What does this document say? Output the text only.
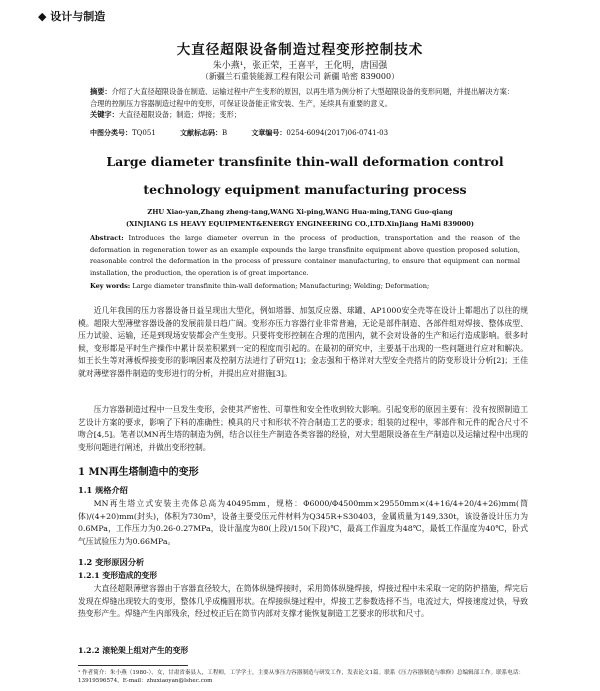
◆ 设计与制造
大直径超限设备制造过程变形控制技术
朱小燕¹，张正荣，王喜平，王化明，唐国强
（新疆兰石重装能源工程有限公司 新疆 哈密 839000）
摘要：介绍了大直径超限设备在制造、运输过程中产生变形的原因，以再生塔为例分析了大型超限设备的变形问题，并提出解决方案：合理的控制压力容器制造过程中的变形，可保证设备能正常安装、生产，延续具有重要的意义。
关键字：大直径超限设备；制造；焊接；变形；
中图分类号：TQ051	文献标志码：B	文章编号：0254-6094(2017)06-0741-03
Large diameter transfinite thin-wall deformation control technology equipment manufacturing process
ZHU Xiao-yan,Zhang zheng-tang,WANG Xi-ping,WANG Hua-ming,TANG Guo-qiang
(XINJIANG LS HEAVY EQUIPMENT&ENERGY ENGINEERING CO.,LTD.XinJiang HaMi 839000)
Abstract: Introduces the large diameter overrun in the process of production, transportation and the reason of the deformation in regeneration tower as an example expounds the large transfinite equipment above question proposed solution, reasonable control the deformation in the process of pressure container manufacturing, to ensure that equipment can normal installation, the production, the operation is of great importance.
Key words: Large diameter transfinite thin-wall deformation; Manufacturing; Welding; Deformation;
近几年我国的压力容器设备日益呈现出大型化，例如塔器、加氢反应器、球罐、AP1000安全壳等在设计上都超出了以往的规模。超限大型薄壁容器设备的发展前景日趋广阔。变形亦压力容器行业非常普遍，无论是部件制造、各部件组对焊接、整体成型、压力试验、运输，还是到现场安装都会产生变形。只要将变形控制在合理的范围内，就不会对设备的生产和运行造成影响。很多时候，变形都是平时生产操作中累计误差积累到一定的程度而引起的。在最初的研究中，主要基于出现的一些问题进行应对和解决。如王长生等对薄板焊接变形的影响因素及控制方法进行了研究[1]；金志强和于格详对大型安全壳搭片的防变形设计分析[2]；王佳就对薄壁容器件制造的变形进行的分析，并提出应对措施[3]。
压力容器制造过程中一旦发生变形，会使其严密性、可靠性和安全性收到较大影响。引起变形的原因主要有：没有按照制造工艺设计方案的要求，影响了下料的准确性；模具的尺寸和形状不符合制造工艺的要求；组装的过程中，零部件和元件的配合尺寸不吻合[4,5]。笔者以MN再生塔的制造为例，结合以往生产制造各类容器的经验，对大型超限设备在生产制造以及运输过程中出现的变形问题进行阐述，并做出变形控制。
1 MN再生塔制造中的变形
1.1 规格介绍
MN再生塔立式安装主壳体总高为40495mm，规格：Φ6000/Φ4500mm×29550mm×(4+16/4+20/4+26)mm(筒体)/(4+20)mm(封头)，体积为730m³，设备主要受压元件材料为Q345R+S30403，金属质量为149,330t，该设备设计压力为0.6MPa，工作压力为0.26-0.27MPa，设计温度为80(上段)/150(下段)℃，最高工作温度为48℃，最低工作温度为40℃，卧式气压试验压力为0.66MPa。
1.2 变形原因分析
1.2.1 变形造成的变形
大直径超限薄壁容器由于容器直径较大，在筒体纵缝焊接时，采用筒体纵缝焊接，焊接过程中未采取一定的防护措施，焊完后发现在焊缝出现较大的变形，整体几乎成椭圆形状。在焊接纵缝过程中，焊接工艺参数选择不当，电流过大，焊接速度过快，导致热变形产生。焊缝产生内部残余，经过校正后在筒节内部对支撑才能恢复制造工艺要求的形状和尺寸。
1.2.2 滚轮架上组对产生的变形
¹ 作者简介：朱小燕（1980-），女，甘肃省秦县人，工程师，工学学士，主要从事压力容器制造与研发工作，发表论文1篇。联系《压力容器制造与维修》总编辑部工作。联系电话：13919596574，E-mail：zhuxiaoyan@lshec.com
